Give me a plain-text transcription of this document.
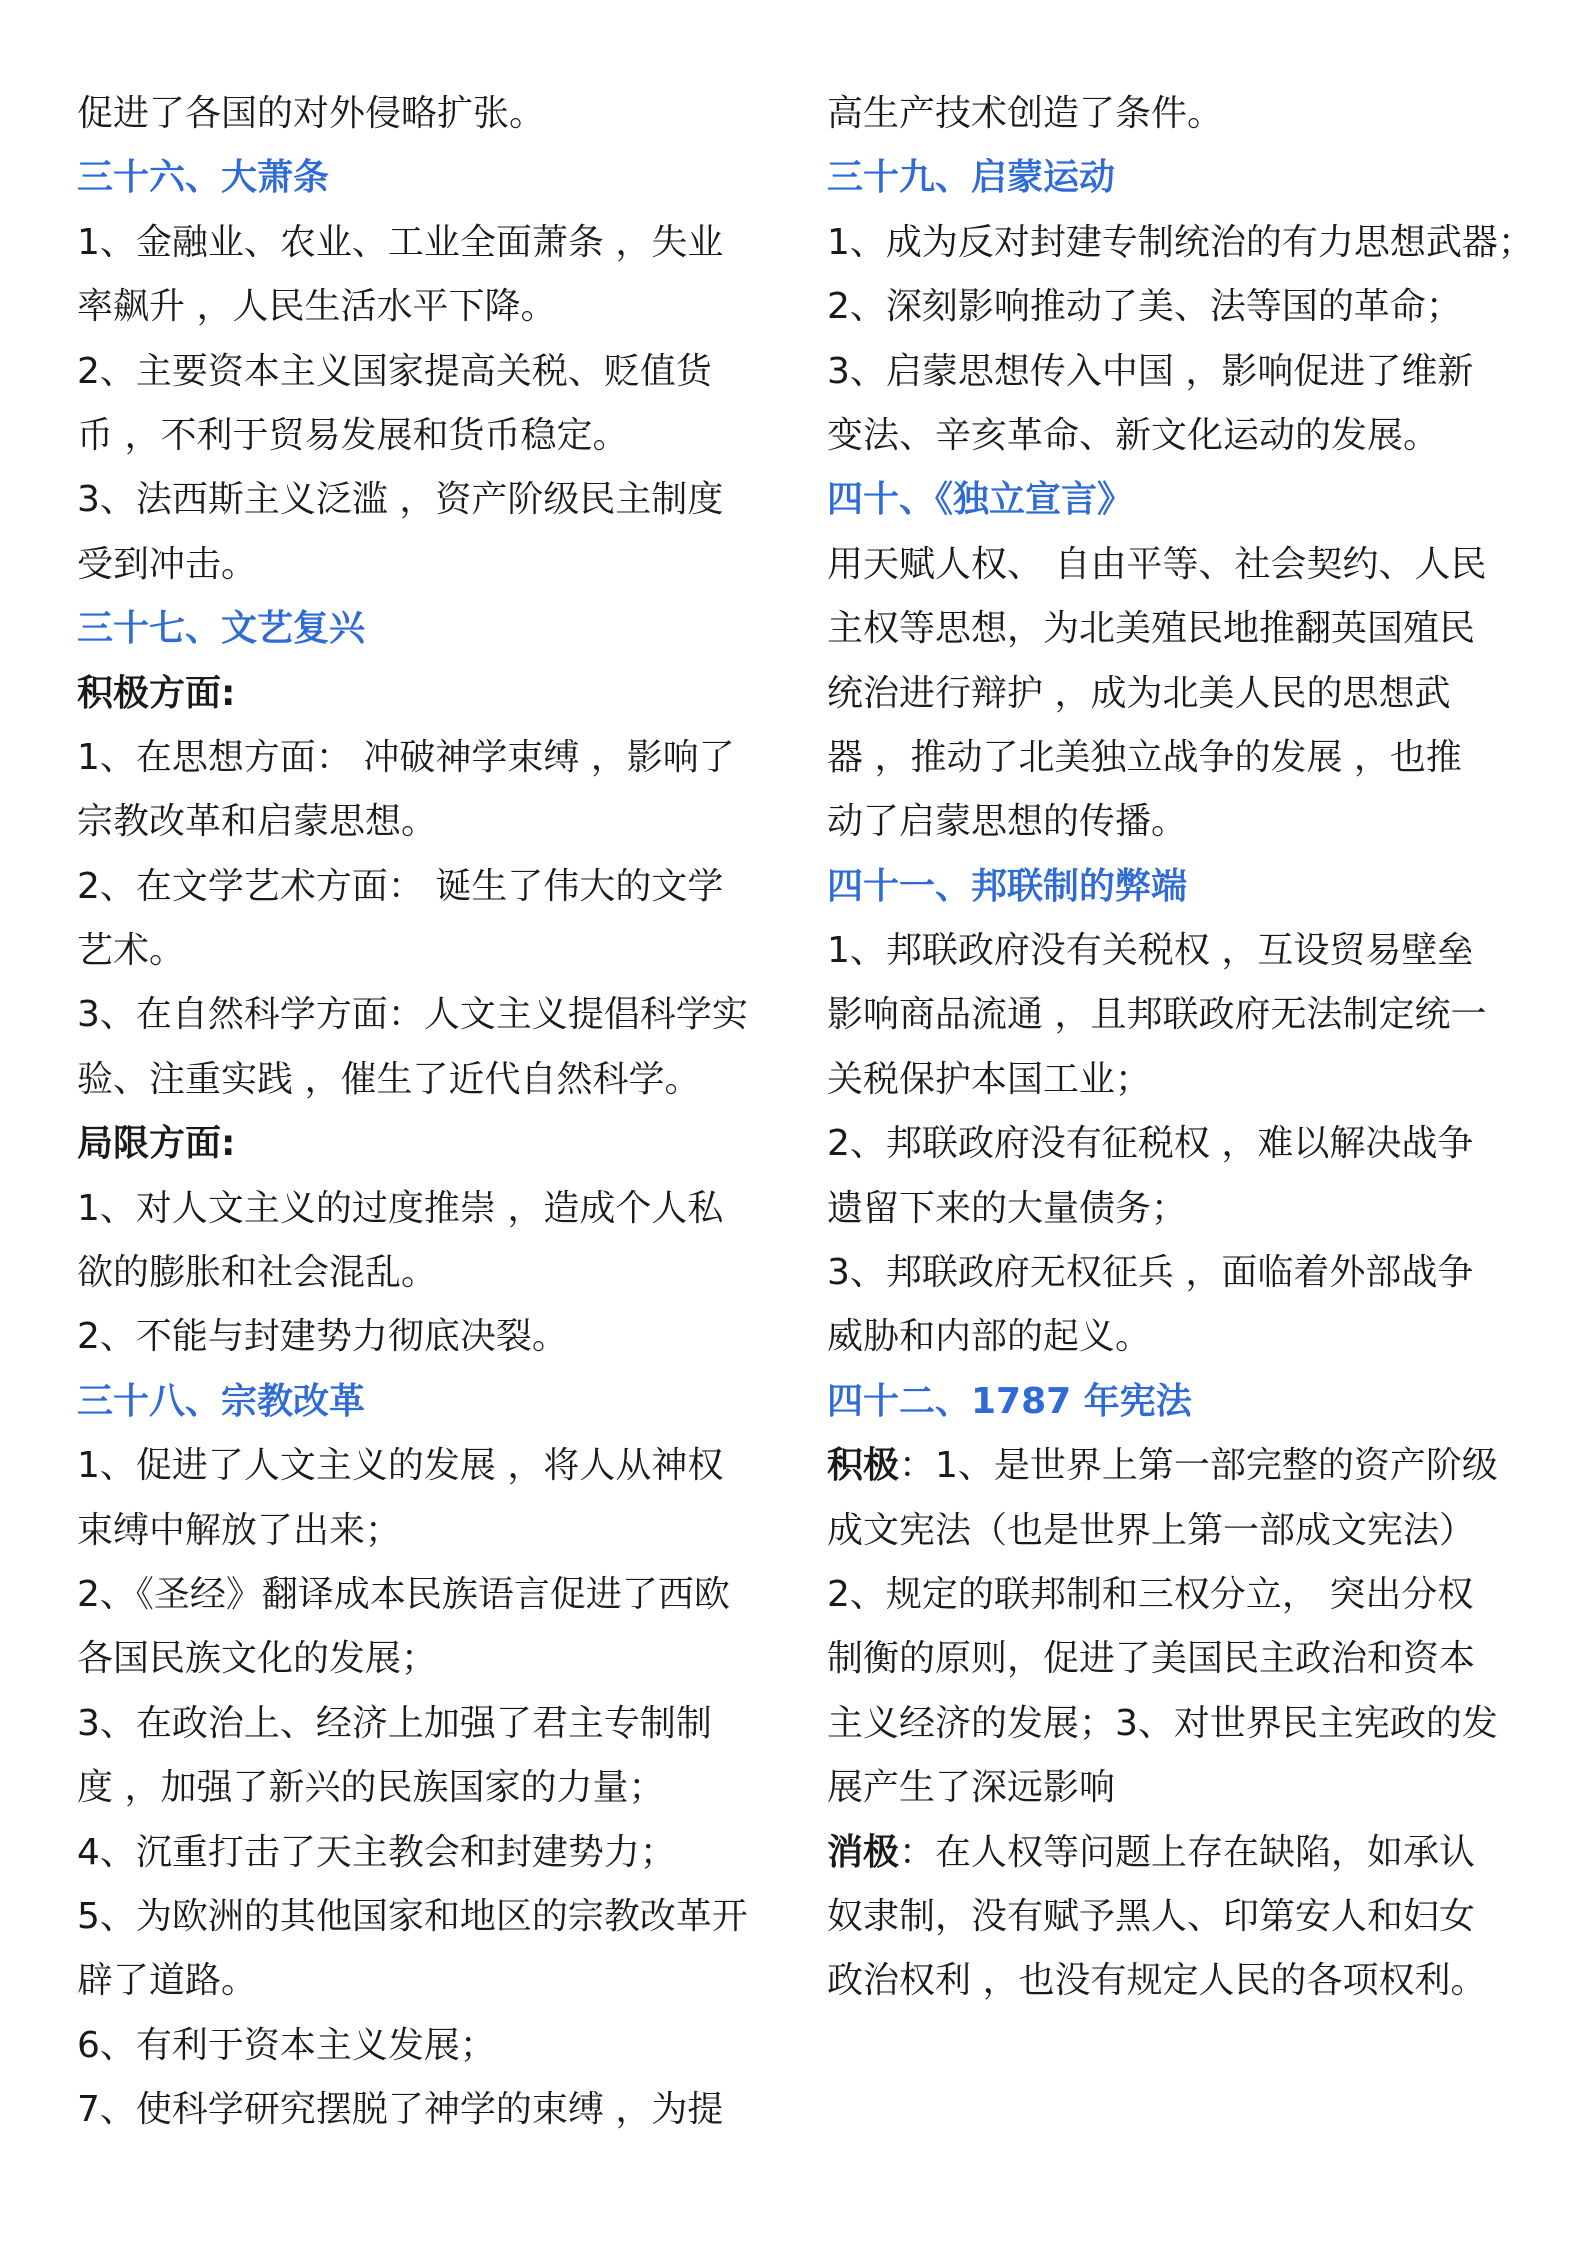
促进了各国的对外侵略扩张。
三十六、大萧条
1、金融业、农业、工业全面萧条 ，失业
率飙升 ，人民生活水平下降。
2、主要资本主义国家提高关税、贬值货
币 ，不利于贸易发展和货币稳定。
3、法西斯主义泛滥 ，资产阶级民主制度
受到冲击。
三十七、文艺复兴
积极方面:
1、在思想方面： 冲破神学束缚 ，影响了
宗教改革和启蒙思想。
2、在文学艺术方面： 诞生了伟大的文学
艺术。
3、在自然科学方面：人文主义提倡科学实
验、注重实践 ，催生了近代自然科学。
局限方面:
1、对人文主义的过度推崇 ，造成个人私
欲的膨胀和社会混乱。
2、不能与封建势力彻底决裂。
三十八、宗教改革
1、促进了人文主义的发展 ，将人从神权
束缚中解放了出来；
2、《圣经》翻译成本民族语言促进了西欧
各国民族文化的发展；
3、在政治上、经济上加强了君主专制制
度 ，加强了新兴的民族国家的力量；
4、沉重打击了天主教会和封建势力；
5、为欧洲的其他国家和地区的宗教改革开
辟了道路。
6、有利于资本主义发展；
7、使科学研究摆脱了神学的束缚 ，为提
高生产技术创造了条件。
三十九、启蒙运动
1、成为反对封建专制统治的有力思想武器；
2、深刻影响推动了美、法等国的革命；
3、启蒙思想传入中国 ，影响促进了维新
变法、辛亥革命、新文化运动的发展。
四十、《独立宣言》
用天赋人权、 自由平等、社会契约、人民
主权等思想，为北美殖民地推翻英国殖民
统治进行辩护 ，成为北美人民的思想武
器 ，推动了北美独立战争的发展 ，也推
动了启蒙思想的传播。
四十一、邦联制的弊端
1、邦联政府没有关税权 ，互设贸易壁垒
影响商品流通 ，且邦联政府无法制定统一
关税保护本国工业；
2、邦联政府没有征税权 ，难以解决战争
遗留下来的大量债务；
3、邦联政府无权征兵 ，面临着外部战争
威胁和内部的起义。
四十二、1787 年宪法
积极：1、是世界上第一部完整的资产阶级
成文宪法（也是世界上第一部成文宪法）
2、规定的联邦制和三权分立， 突出分权
制衡的原则，促进了美国民主政治和资本
主义经济的发展；3、对世界民主宪政的发
展产生了深远影响
消极：在人权等问题上存在缺陷，如承认
奴隶制，没有赋予黑人、印第安人和妇女
政治权利 ，也没有规定人民的各项权利。
